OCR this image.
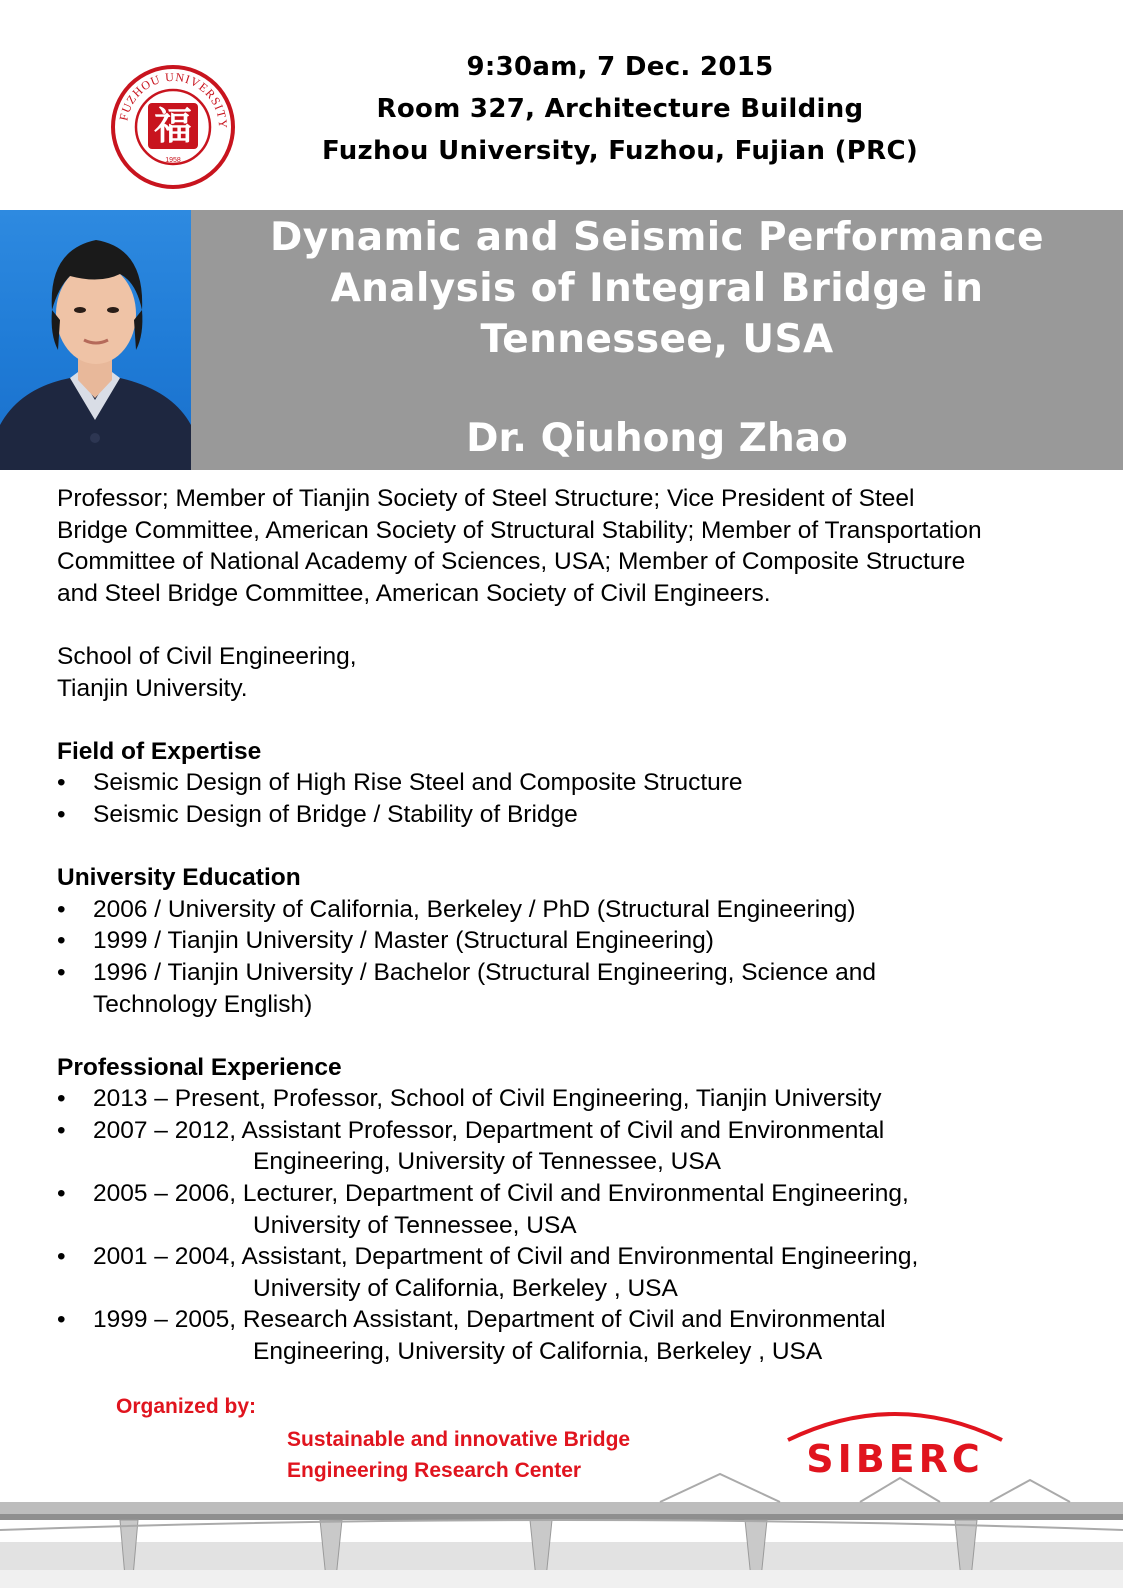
FUZHOU UNIVERSITY
福
1958
9:30am, 7 Dec. 2015
Room 327, Architecture Building
Fuzhou University, Fuzhou, Fujian (PRC)
Dynamic and Seismic Performance
Analysis of Integral Bridge in
Tennessee, USA
Dr. Qiuhong Zhao

Professor; Member of Tianjin Society of Steel Structure; Vice President of Steel

Bridge Committee, American Society of Structural Stability; Member of Transportation

Committee of National Academy of Sciences, USA; Member of Composite Structure

and Steel Bridge Committee, American Society of Civil Engineers.

School of Civil Engineering,

Tianjin University.

Field of Expertise
• Seismic Design of High Rise Steel and Composite Structure
• Seismic Design of Bridge / Stability of Bridge
University Education
• 2006 / University of California, Berkeley / PhD (Structural Engineering)
• 1999 / Tianjin University / Master (Structural Engineering)
• 1996 / Tianjin University / Bachelor (Structural Engineering, Science and
Technology English)
Professional Experience
• 2013 – Present, Professor, School of Civil Engineering, Tianjin University
• 2007 – 2012, Assistant Professor, Department of Civil and Environmental
Engineering, University of Tennessee, USA
• 2005 – 2006, Lecturer, Department of Civil and Environmental Engineering,
University of Tennessee, USA
• 2001 – 2004, Assistant, Department of Civil and Environmental Engineering,
University of California, Berkeley , USA
• 1999 – 2005, Research Assistant, Department of Civil and Environmental
Engineering, University of California, Berkeley , USA
Organized by:
Sustainable and innovative Bridge
Engineering Research Center	SIBERC
